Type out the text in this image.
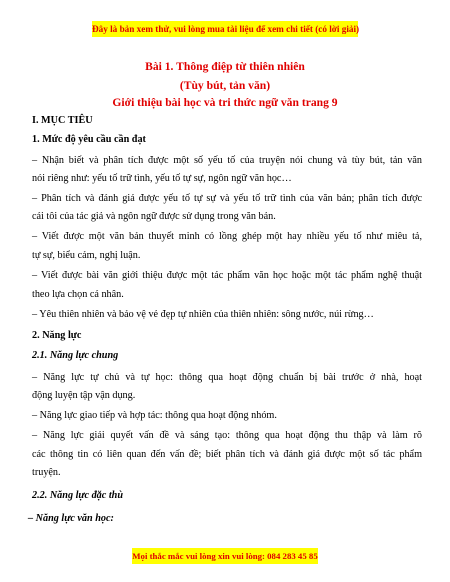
Đây là bản xem thử, vui lòng mua tài liệu để xem chi tiết (có lời giải)
Bài 1. Thông điệp từ thiên nhiên
(Tùy bút, tản văn)
Giới thiệu bài học và tri thức ngữ văn trang 9
I. MỤC TIÊU
1. Mức độ yêu cầu cần đạt
– Nhận biết và phân tích được một số yếu tố của truyện nói chung và tùy bút, tản văn
nói riêng như: yếu tố trữ tình, yếu tố tự sự, ngôn ngữ văn học…
– Phân tích và đánh giá được yếu tố tự sự và yếu tố trữ tình của văn bản; phân tích được
cái tôi của tác giả và ngôn ngữ được sử dụng trong văn bản.
– Viết được một văn bản thuyết minh có lồng ghép một hay nhiều yếu tố như miêu tả,
tự sự, biểu cảm, nghị luận.
– Viết được bài văn giới thiệu được một tác phẩm văn học hoặc một tác phẩm nghệ thuật
theo lựa chọn cá nhân.
– Yêu thiên nhiên và bảo vệ vẻ đẹp tự nhiên của thiên nhiên: sông nước, núi rừng…
2. Năng lực
2.1. Năng lực chung
– Năng lực tự chủ và tự học: thông qua hoạt động chuẩn bị bài trước ở nhà, hoạt
động luyện tập vận dụng.
– Năng lực giao tiếp và hợp tác: thông qua hoạt động nhóm.
– Năng lực giải quyết vấn đề và sáng tạo: thông qua hoạt động thu thập và làm rõ
các thông tin có liên quan đến vấn đề; biết phân tích và đánh giá được một số tác phẩm
truyện.
2.2. Năng lực đặc thù
– Năng lực văn học:
Mọi thắc mắc vui lòng xin vui lòng: 084 283 45 85
